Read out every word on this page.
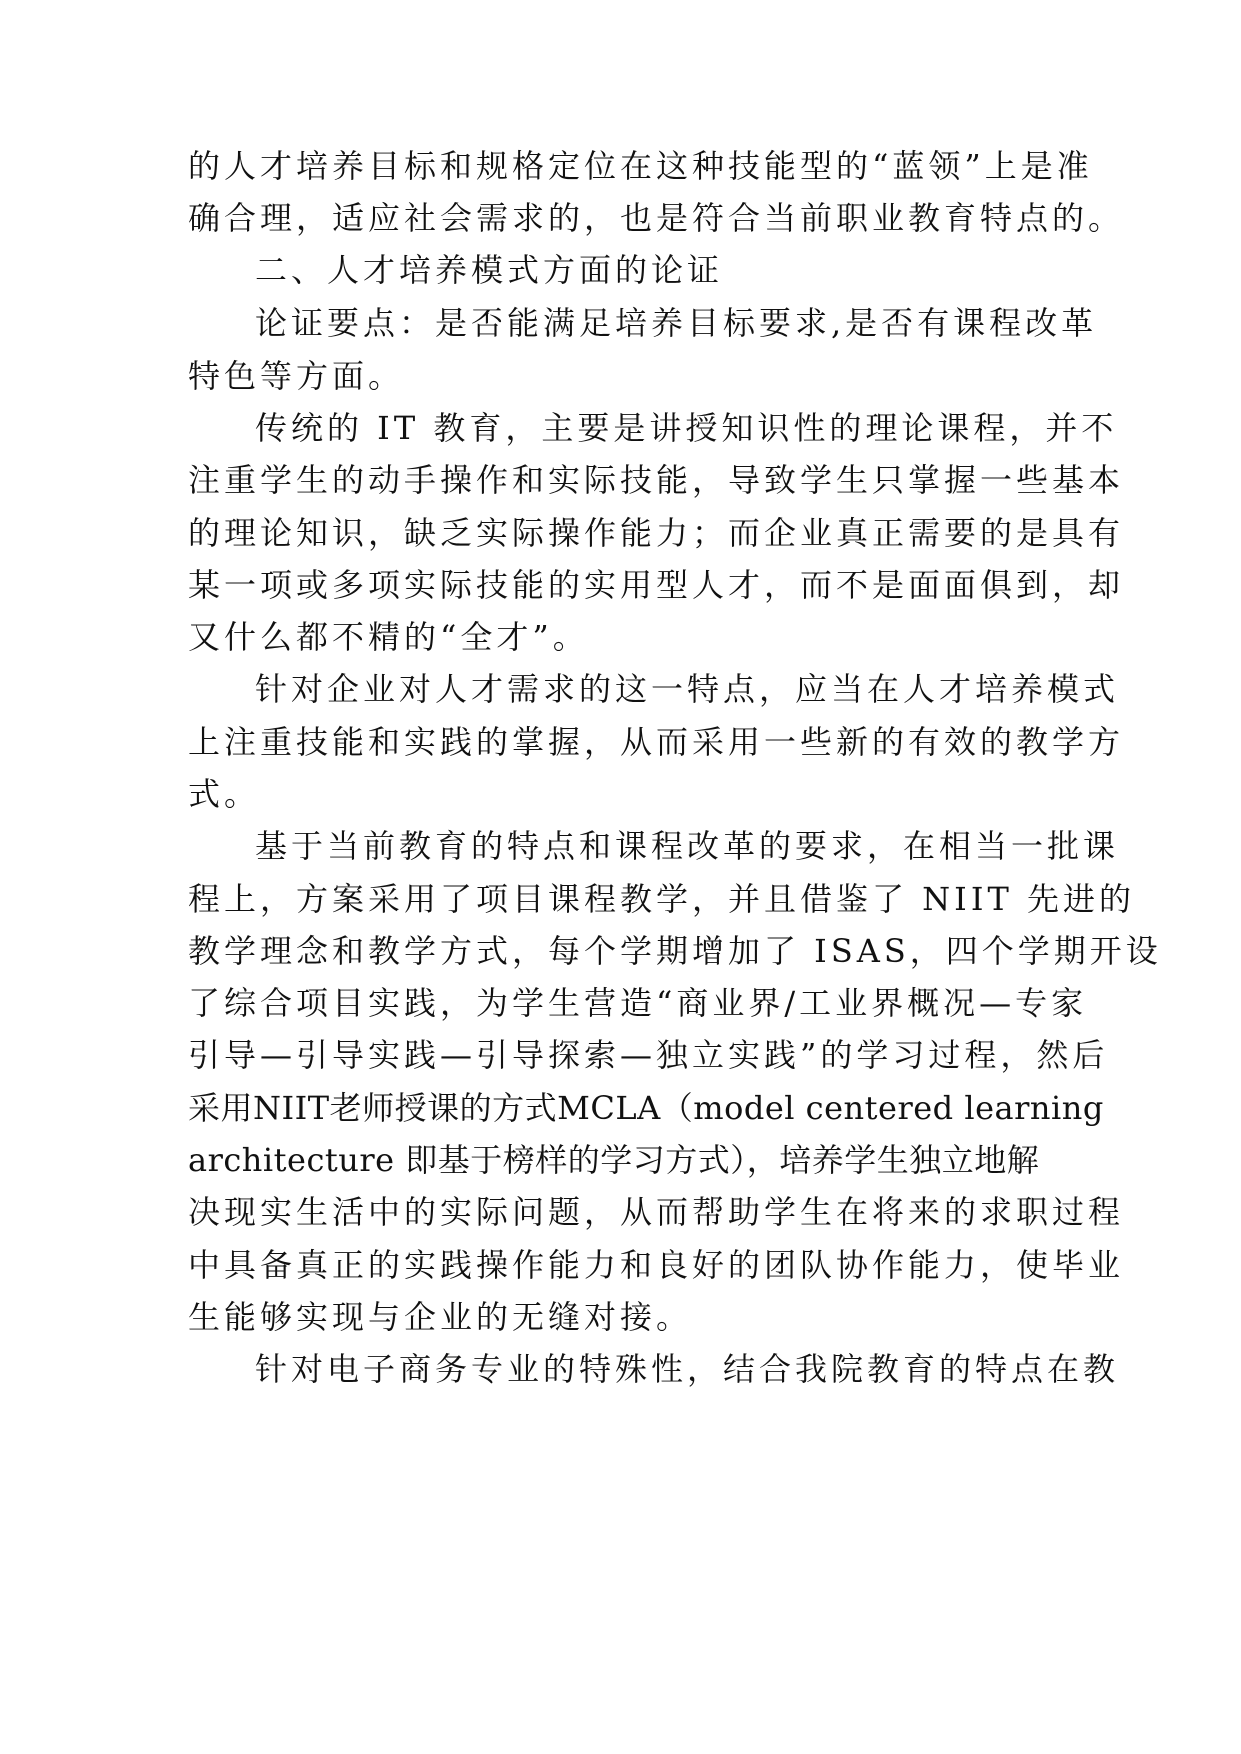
的人才培养目标和规格定位在这种技能型的“蓝领”上是准
确合理，适应社会需求的，也是符合当前职业教育特点的。
二、人才培养模式方面的论证
论证要点：是否能满足培养目标要求,是否有课程改革
特色等方面。
传统的 IT 教育，主要是讲授知识性的理论课程，并不
注重学生的动手操作和实际技能，导致学生只掌握一些基本
的理论知识，缺乏实际操作能力；而企业真正需要的是具有
某一项或多项实际技能的实用型人才，而不是面面俱到，却
又什么都不精的“全才”。
针对企业对人才需求的这一特点，应当在人才培养模式
上注重技能和实践的掌握，从而采用一些新的有效的教学方
式。
基于当前教育的特点和课程改革的要求，在相当一批课
程上，方案采用了项目课程教学，并且借鉴了 NIIT 先进的
教学理念和教学方式，每个学期增加了 ISAS，四个学期开设
了综合项目实践，为学生营造“商业界/工业界概况—专家
引导—引导实践—引导探索—独立实践”的学习过程，然后
采用NIIT老师授课的方式MCLA（model centered learning
architecture 即基于榜样的学习方式），培养学生独立地解
决现实生活中的实际问题，从而帮助学生在将来的求职过程
中具备真正的实践操作能力和良好的团队协作能力，使毕业
生能够实现与企业的无缝对接。
针对电子商务专业的特殊性，结合我院教育的特点在教
